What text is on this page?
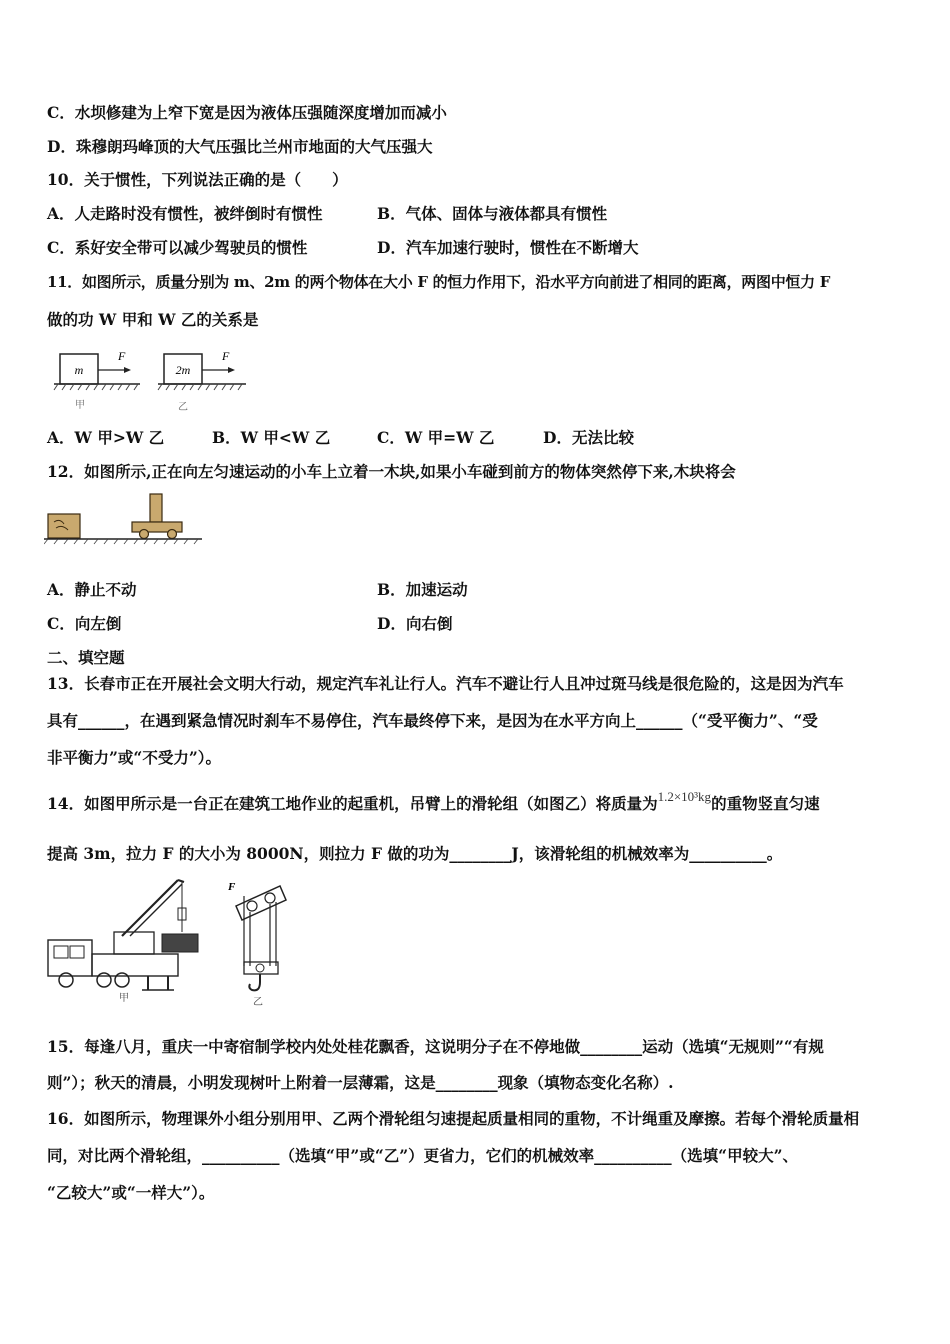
C．水坝修建为上窄下宽是因为液体压强随深度增加而减小
D．珠穆朗玛峰顶的大气压强比兰州市地面的大气压强大
10．关于惯性，下列说法正确的是（　　）
A．人走路时没有惯性，被绊倒时有惯性	B．气体、固体与液体都具有惯性
C．系好安全带可以减少驾驶员的惯性	D．汽车加速行驶时，惯性在不断增大
11．如图所示，质量分别为 m、2m 的两个物体在大小 F 的恒力作用下，沿水平方向前进了相同的距离，两图中恒力 F
做的功 W 甲和 W 乙的关系是
m
F
甲
2m
F
乙
A．W 甲>W 乙	B．W 甲<W 乙	C．W 甲=W 乙	D．无法比较
12．如图所示,正在向左匀速运动的小车上立着一木块,如果小车碰到前方的物体突然停下来,木块将会
A．静止不动	B．加速运动
C．向左倒	D．向右倒
二、填空题
13．长春市正在开展社会文明大行动，规定汽车礼让行人。汽车不避让行人且冲过斑马线是很危险的，这是因为汽车
具有______，在遇到紧急情况时刹车不易停住，汽车最终停下来，是因为在水平方向上______（“受平衡力”、“受
非平衡力”或“不受力”）。
14．如图甲所示是一台正在建筑工地作业的起重机，吊臂上的滑轮组（如图乙）将质量为$^{1.2\times 10^3kg}$的重物竖直匀速
提高 3m，拉力 F 的大小为 8000N，则拉力 F 做的功为________J，该滑轮组的机械效率为__________。
甲
F
乙
15．每逢八月，重庆一中寄宿制学校内处处桂花飘香，这说明分子在不停地做________运动（选填“无规则”“有规
则”）；秋天的清晨，小明发现树叶上附着一层薄霜，这是________现象（填物态变化名称）.
16．如图所示，物理课外小组分别用甲、乙两个滑轮组匀速提起质量相同的重物，不计绳重及摩擦。若每个滑轮质量相
同，对比两个滑轮组，__________（选填“甲”或“乙”）更省力，它们的机械效率__________（选填“甲较大”、
“乙较大”或“一样大”）。
